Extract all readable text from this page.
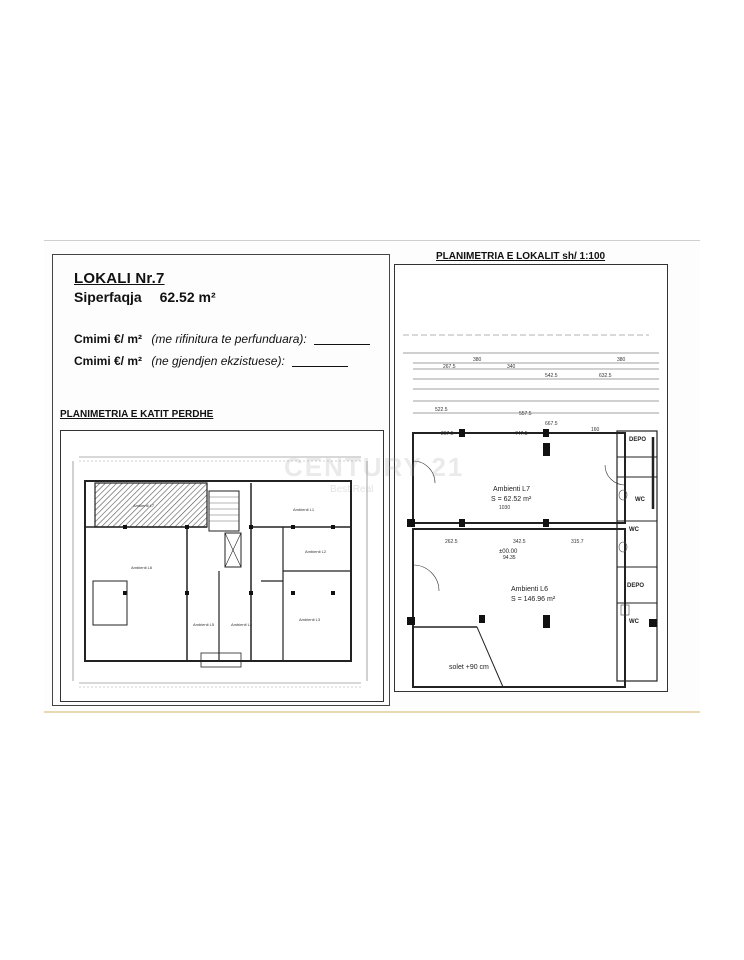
LOKALI Nr.7
Siperfaqja 62.52 m²
Cmimi €/ m² (me rifinitura te perfunduara):
Cmimi €/ m² (ne gjendjen ekzistuese):
PLANIMETRIA E KATIT PERDHE
Ambienti L7
Ambienti L1
Ambienti L2
Ambienti L3
Ambienti L4
Ambienti L5
Ambienti L6
PLANIMETRIA E LOKALIT sh/ 1:100
380
267.5	340
542.5	632.5
380
522.5
557.5
667.5
267.5	747.5
160
1030
262.5	342.5	315.7
DEPO
WC
WC
DEPO
WC
Ambienti L7
S = 62.52 m²
Ambienti L6
S = 146.96 m²
±00.00
94.35
solet +90 cm
CENTURY 21
Best Real
